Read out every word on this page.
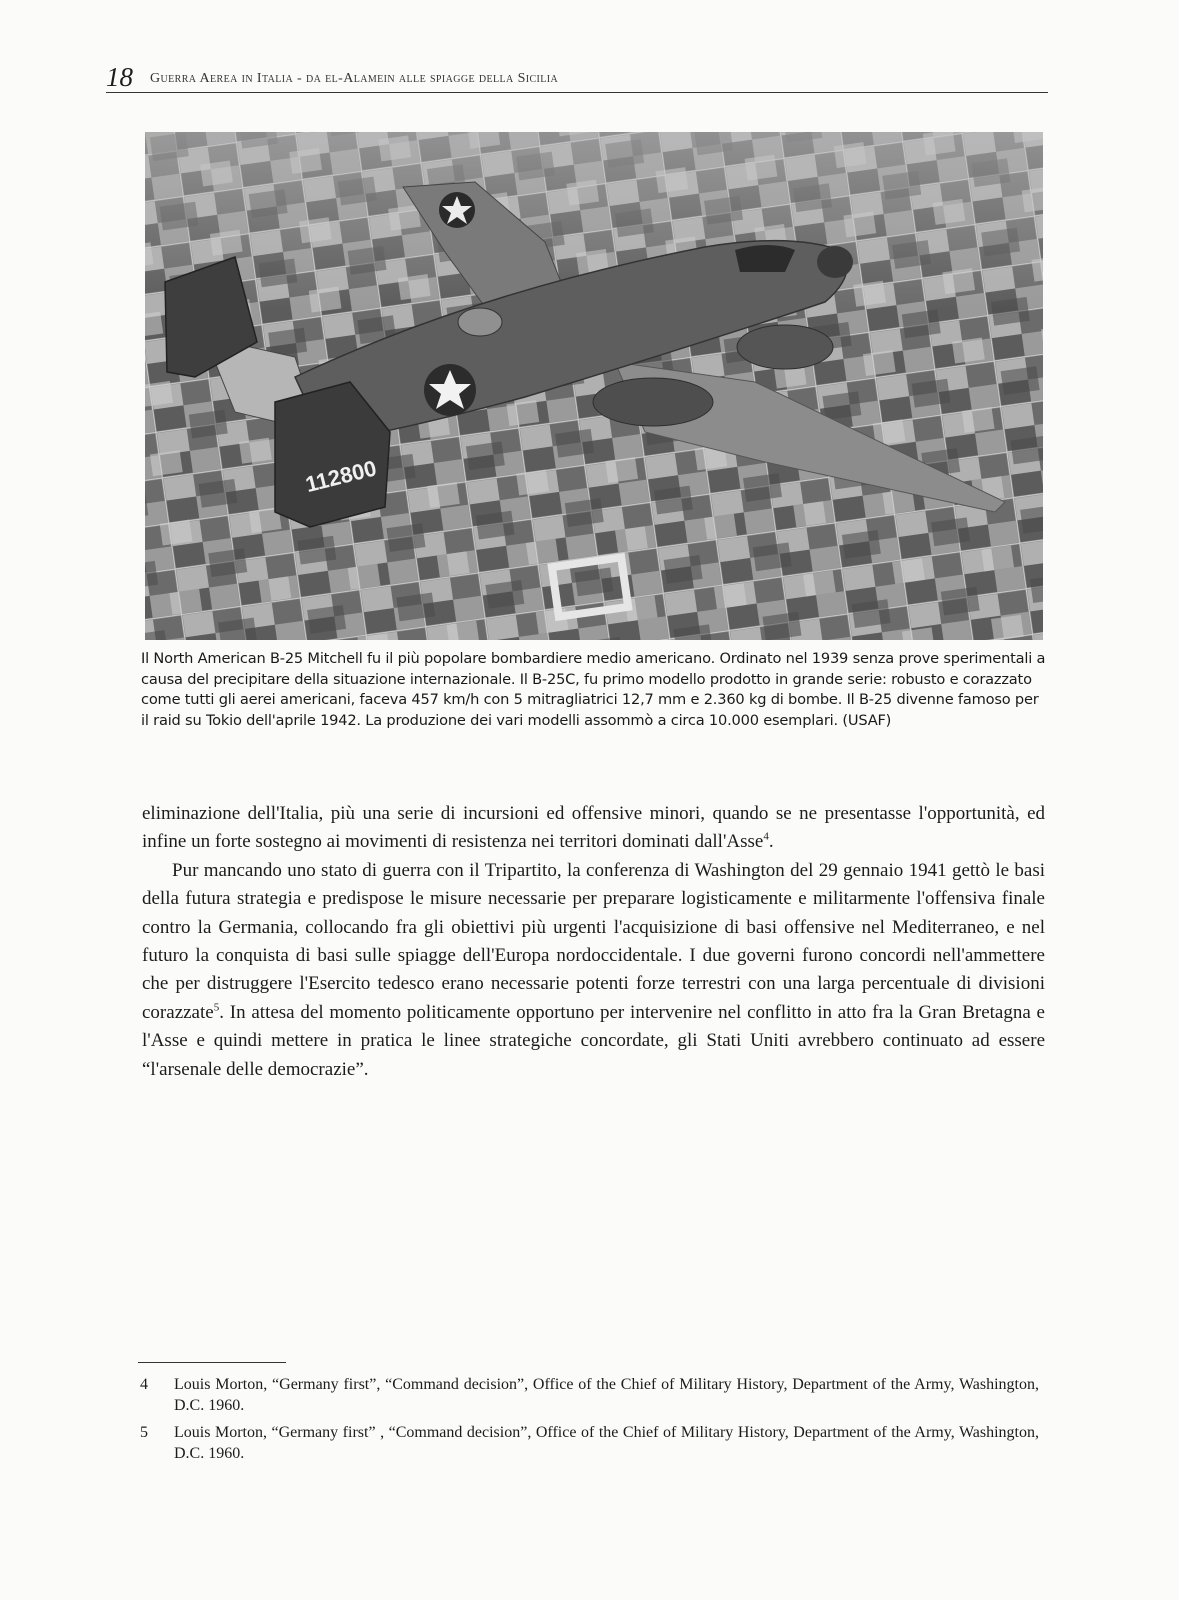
18 Guerra Aerea in Italia - da el-Alamein alle spiagge della Sicilia
112800

Il North American B-25 Mitchell fu il più popolare bombardiere medio americano. Ordinato nel 1939 senza prove sperimentali a causa del precipitare della situazione internazionale. Il B-25C, fu primo modello prodotto in grande serie: robusto e corazzato come tutti gli aerei americani, faceva 457 km/h con 5 mitragliatrici 12,7 mm e 2.360 kg di bombe. Il B-25 divenne famoso per il raid su Tokio dell'aprile 1942. La produzione dei vari modelli assommò a circa 10.000 esemplari. (USAF)

eliminazione dell'Italia, più una serie di incursioni ed offensive minori, quando se ne presentasse l'opportunità, ed infine un forte sostegno ai movimenti di resistenza nei territori dominati dall'Asse$^4$.

Pur mancando uno stato di guerra con il Tripartito, la conferenza di Washington del 29 gennaio 1941 gettò le basi della futura strategia e predispose le misure necessarie per preparare logisticamente e militarmente l'offensiva finale contro la Germania, collocando fra gli obiettivi più urgenti l'acquisizione di basi offensive nel Mediterraneo, e nel futuro la conquista di basi sulle spiagge dell'Europa nordoccidentale. I due governi furono concordi nell'ammettere che per distruggere l'Esercito tedesco erano necessarie potenti forze terrestri con una larga percentuale di divisioni corazzate$^5$. In attesa del momento politicamente opportuno per intervenire nel conflitto in atto fra la Gran Bretagna e l'Asse e quindi mettere in pratica le linee strategiche concordate, gli Stati Uniti avrebbero continuato ad essere “l'arsenale delle democrazie”.

4	Louis Morton, “Germany first”, “Command decision”, Office of the Chief of Military History, Department of the Army, Washington, D.C. 1960.
5	Louis Morton, “Germany first” , “Command decision”, Office of the Chief of Military History, Department of the Army, Washington, D.C. 1960.
